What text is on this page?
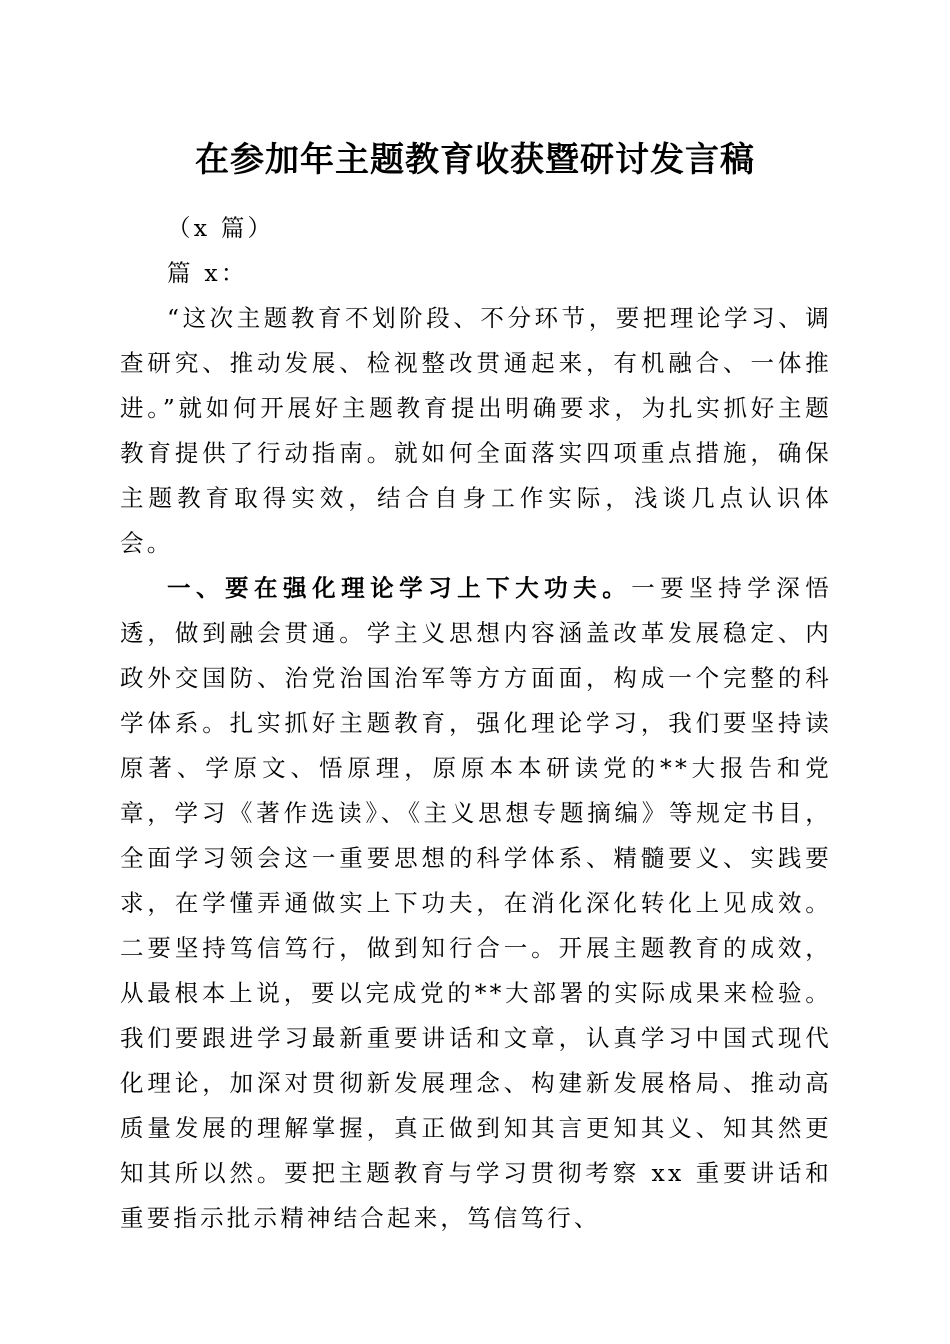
在参加年主题教育收获暨研讨发言稿

（x 篇）

篇 x：

“这次主题教育不划阶段、不分环节，要把理论学习、调查研究、推动发展、检视整改贯通起来，有机融合、一体推进。”就如何开展好主题教育提出明确要求，为扎实抓好主题教育提供了行动指南。就如何全面落实四项重点措施，确保主题教育取得实效，结合自身工作实际，浅谈几点认识体会。

一、要在强化理论学习上下大功夫。一要坚持学深悟透，做到融会贯通。学主义思想内容涵盖改革发展稳定、内政外交国防、治党治国治军等方方面面，构成一个完整的科学体系。扎实抓好主题教育，强化理论学习，我们要坚持读原著、学原文、悟原理，原原本本研读党的**大报告和党章，学习《著作选读》、《主义思想专题摘编》等规定书目，全面学习领会这一重要思想的科学体系、精髓要义、实践要求，在学懂弄通做实上下功夫，在消化深化转化上见成效。二要坚持笃信笃行，做到知行合一。开展主题教育的成效，从最根本上说，要以完成党的**大部署的实际成果来检验。我们要跟进学习最新重要讲话和文章，认真学习中国式现代化理论，加深对贯彻新发展理念、构建新发展格局、推动高质量发展的理解掌握，真正做到知其言更知其义、知其然更知其所以然。要把主题教育与学习贯彻考察 xx 重要讲话和重要指示批示精神结合起来，笃信笃行、
